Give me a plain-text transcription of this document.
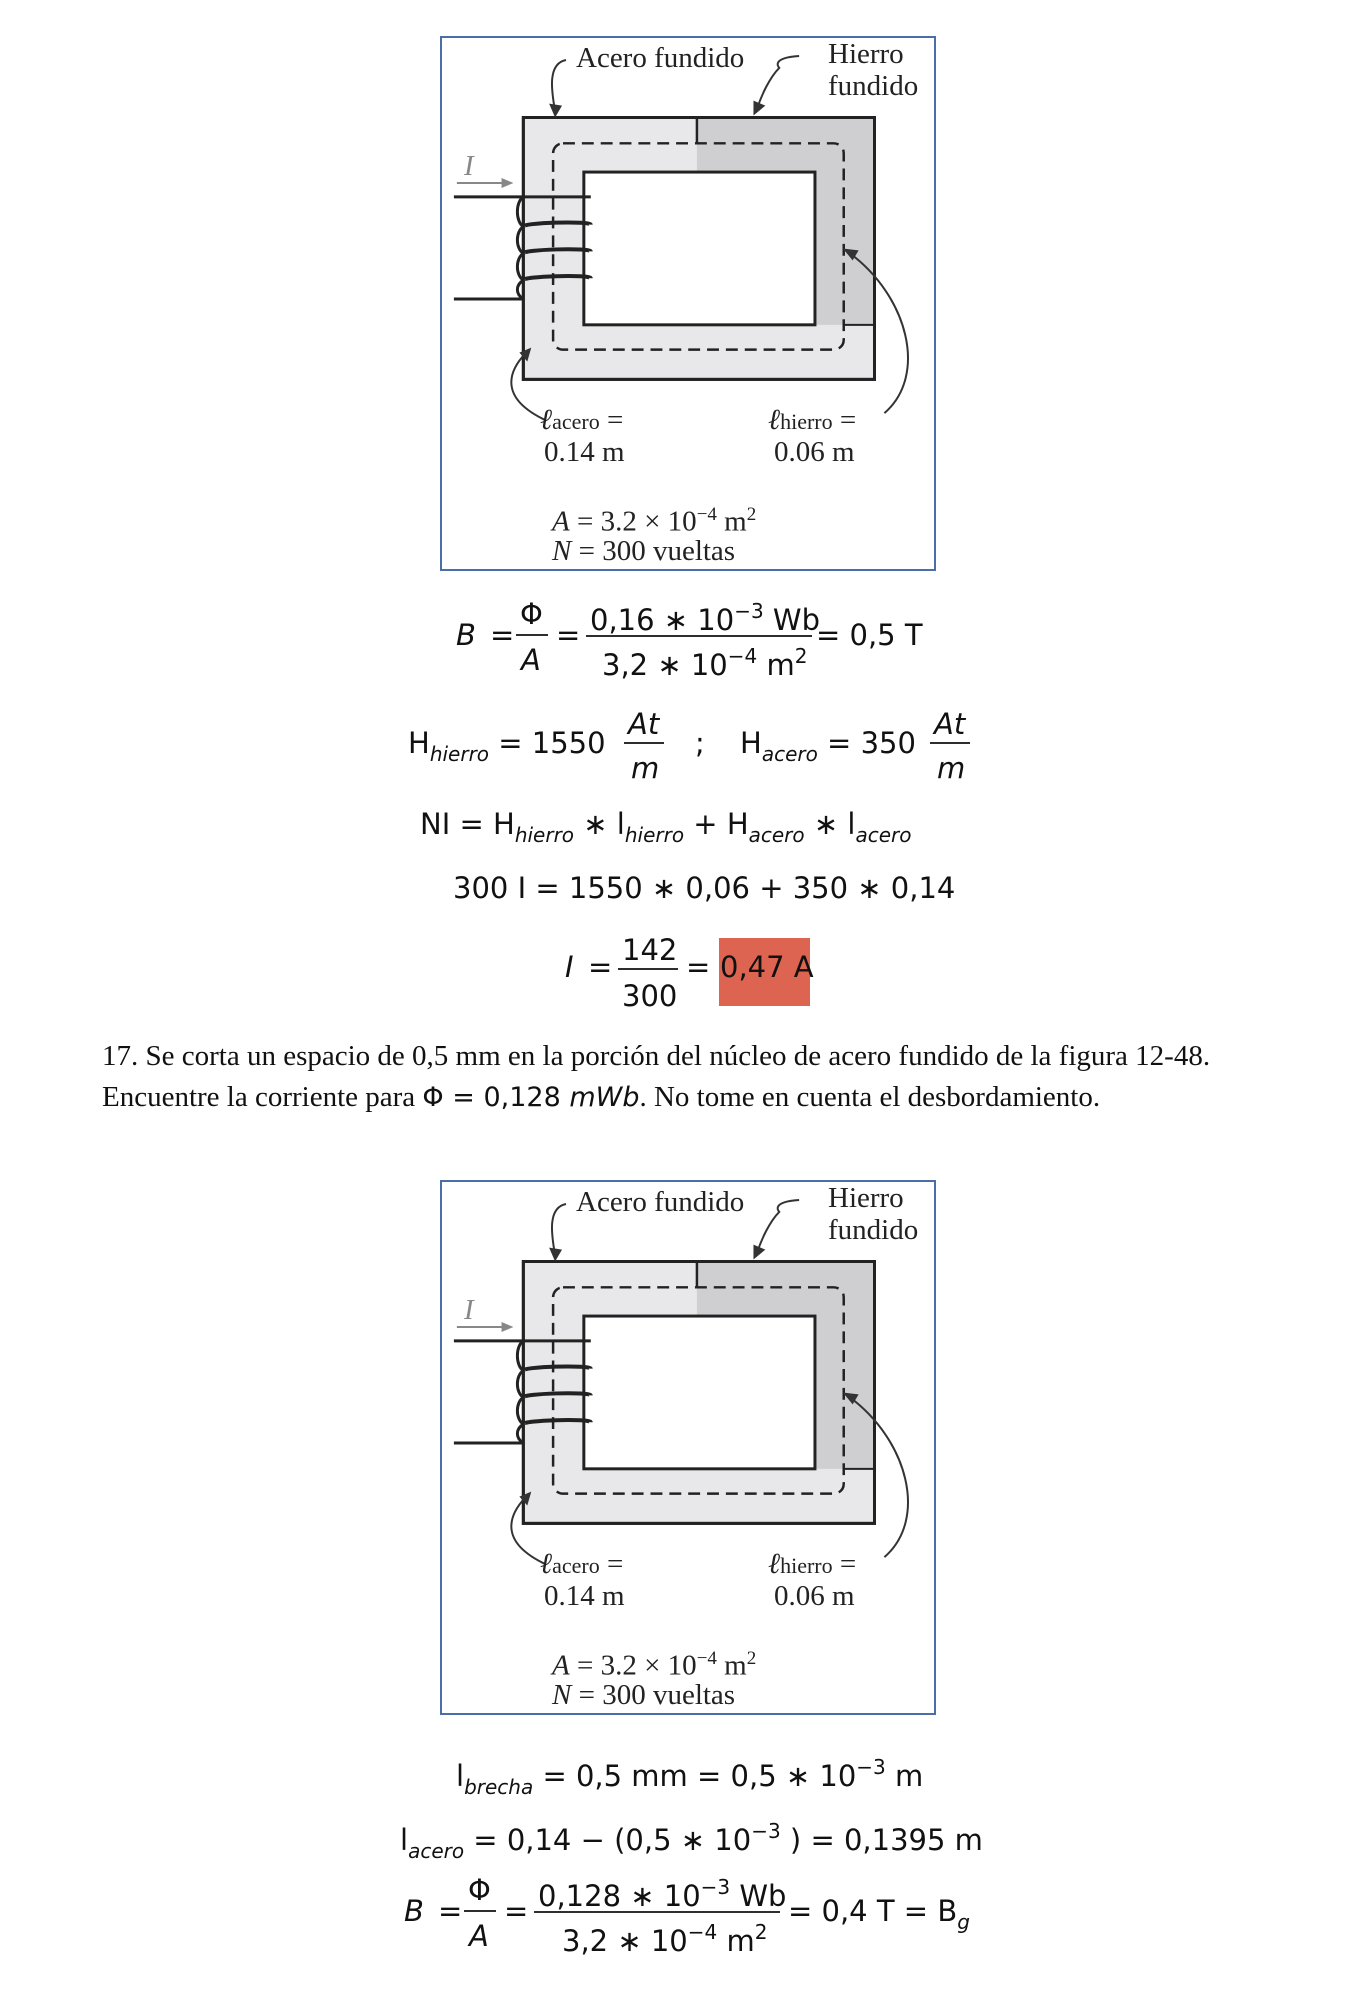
Acero fundido	Hierro
fundido
I
ℓacero =
0.14 m
ℓhierro =
0.06 m
$A = 3.2 \times 10^{-4}$ $m^2$
N = 300 vueltas
B =
Φ
A
= 0,16 ∗ $10^{-3}$ Wb
3,2 ∗ $10^{-4}$ $m^2$
= 0,5 T
$H_{hierro} = 1550$
At
m
; $H_{acero} = 350$
At
m
NI = $H_{hierro}$ ∗ $l_{hierro} + H_{acero}$ ∗ $l_{acero}$
300 I = 1550 ∗ 0,06 + 350 ∗ 0,14
I = 142
300
= 0,47 A
17. Se corta un espacio de 0,5 mm en la porción del núcleo de acero fundido de la figura 12-48. Encuentre la corriente para Φ = 0,128 mWb. No tome en cuenta el desbordamiento.
Acero fundido	Hierro
fundido
I
ℓacero =
0.14 m
ℓhierro =
0.06 m
$A = 3.2 \times 10^{-4}$ $m^2$
N = 300 vueltas
$l_{brecha} = 0,5$ mm = 0,5 ∗ $10^{-3}$ m
$l_{acero} = 0,14 - (0,5$ ∗ $10^{-3}$ ) = 0,1395 m
B =
Φ
A
= 0,128 ∗ $10^{-3}$ Wb
3,2 ∗ $10^{-4}$ $m^2$
= 0,4 $T = B_g$
